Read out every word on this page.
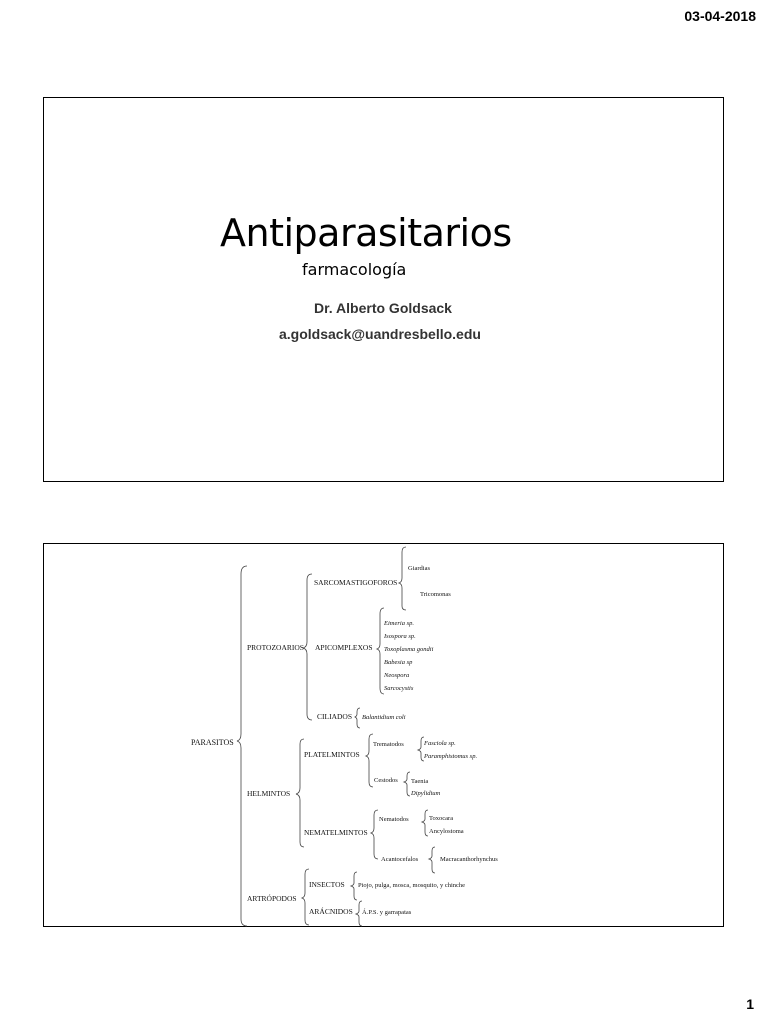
03-04-2018
Antiparasitarios
farmacología
Dr. Alberto Goldsack
a.goldsack@uandresbello.edu
PARASITOS
PROTOZOARIOS
HELMINTOS
ARTRÓPODOS
SARCOMASTIGOFOROS
APICOMPLEXOS
CILIADOS
Giardias
Tricomonas
Eimeria sp.
Isospora sp.
Toxoplasma gondii
Babesia sp
Neospora
Sarcocystis
Balantidium coli
PLATELMINTOS
NEMATELMINTOS
Trematodos
Cestodos
Fasciola sp.
Paramphistomus sp.
Taenia
Dipylidium
Nematodos
Acantocefalos
Toxocara
Ancylostoma
Macracanthorhynchus
INSECTOS
ARÁCNIDOS
Piojo, pulga, mosca, mosquito, y chinche
Á.P.S. y garrapatas
1
